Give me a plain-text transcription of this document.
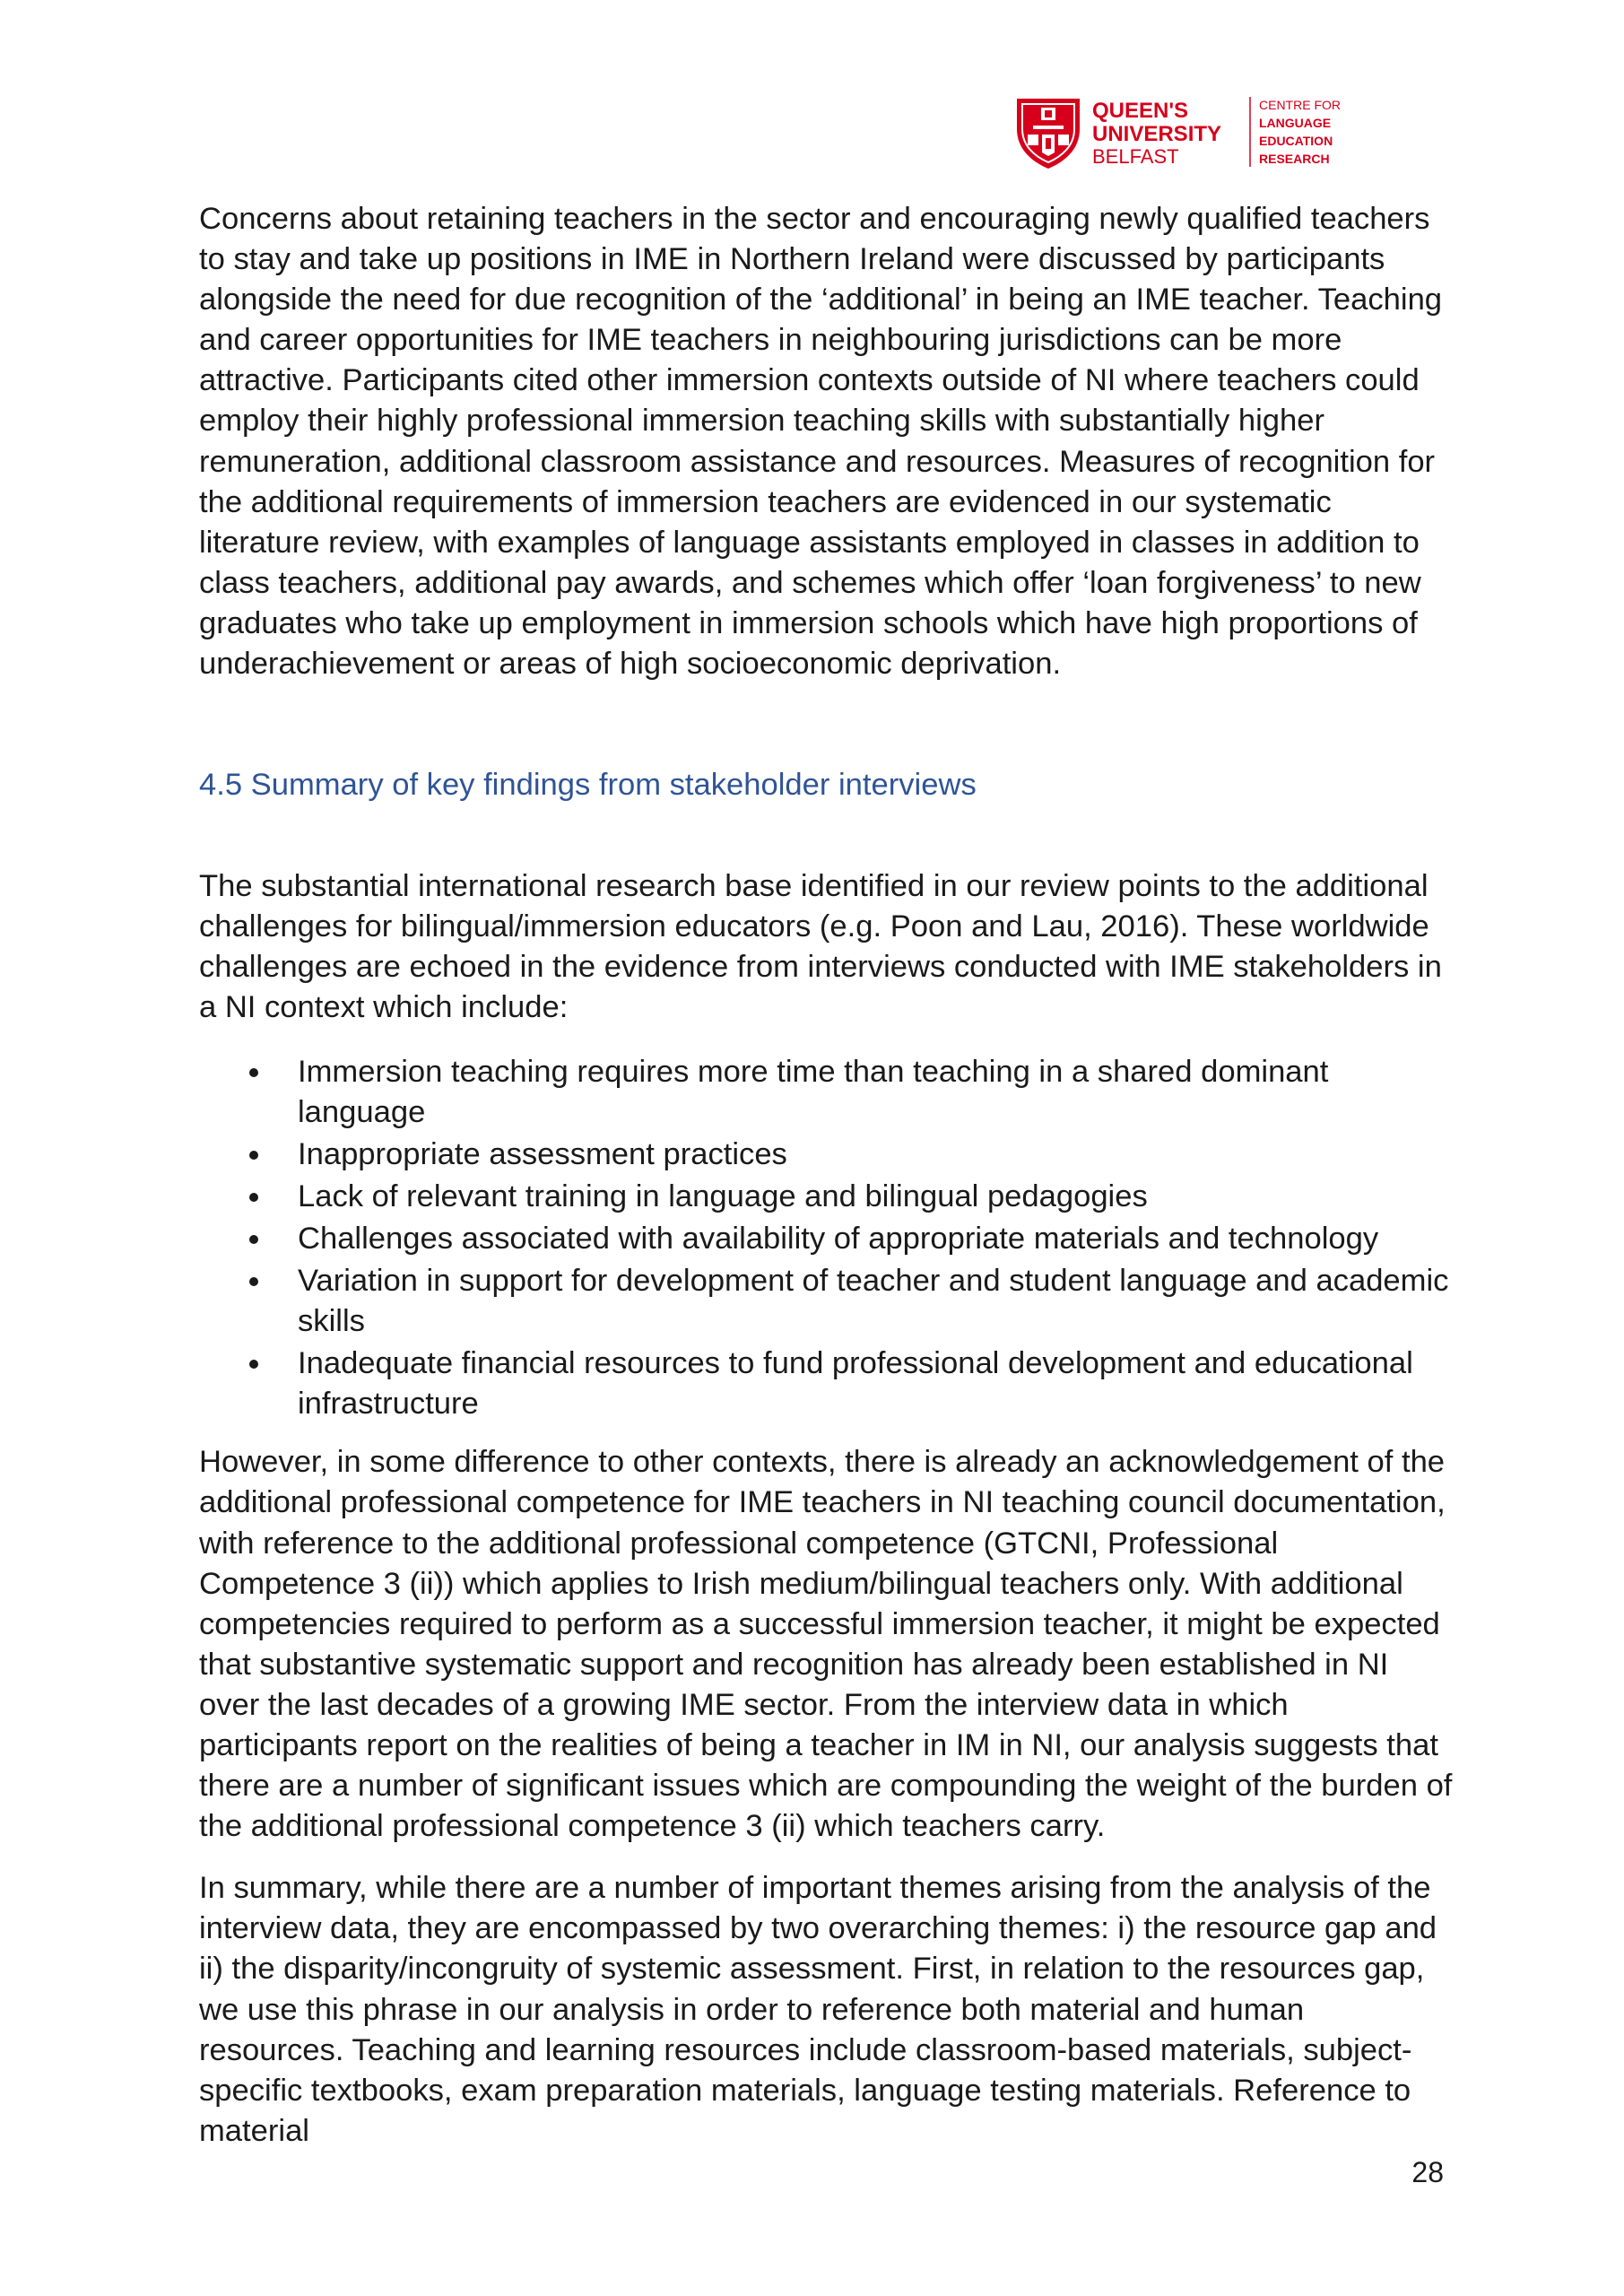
QUEEN'S
UNIVERSITY
BELFAST
CENTRE FOR
LANGUAGE
EDUCATION
RESEARCH

Concerns about retaining teachers in the sector and encouraging newly qualified teachers to stay and take up positions in IME in Northern Ireland were discussed by participants alongside the need for due recognition of the ‘additional’ in being an IME teacher. Teaching and career opportunities for IME teachers in neighbouring jurisdictions can be more attractive. Participants cited other immersion contexts outside of NI where teachers could employ their highly professional immersion teaching skills with substantially higher remuneration, additional classroom assistance and resources. Measures of recognition for the additional requirements of immersion teachers are evidenced in our systematic literature review, with examples of language assistants employed in classes in addition to class teachers, additional pay awards, and schemes which offer ‘loan forgiveness’ to new graduates who take up employment in immersion schools which have high proportions of underachievement or areas of high socioeconomic deprivation.

4.5 Summary of key findings from stakeholder interviews

The substantial international research base identified in our review points to the additional challenges for bilingual/immersion educators (e.g. Poon and Lau, 2016). These worldwide challenges are echoed in the evidence from interviews conducted with IME stakeholders in a NI context which include:

Immersion teaching requires more time than teaching in a shared dominant language
Inappropriate assessment practices
Lack of relevant training in language and bilingual pedagogies
Challenges associated with availability of appropriate materials and technology
Variation in support for development of teacher and student language and academic skills
Inadequate financial resources to fund professional development and educational infrastructure

However, in some difference to other contexts, there is already an acknowledgement of the additional professional competence for IME teachers in NI teaching council documentation, with reference to the additional professional competence (GTCNI, Professional Competence 3 (ii)) which applies to Irish medium/bilingual teachers only. With additional competencies required to perform as a successful immersion teacher, it might be expected that substantive systematic support and recognition has already been established in NI over the last decades of a growing IME sector. From the interview data in which participants report on the realities of being a teacher in IM in NI, our analysis suggests that there are a number of significant issues which are compounding the weight of the burden of the additional professional competence 3 (ii) which teachers carry.

In summary, while there are a number of important themes arising from the analysis of the interview data, they are encompassed by two overarching themes: i) the resource gap and ii) the disparity/incongruity of systemic assessment. First, in relation to the resources gap, we use this phrase in our analysis in order to reference both material and human resources. Teaching and learning resources include classroom-based materials, subject-specific textbooks, exam preparation materials, language testing materials. Reference to material

28
